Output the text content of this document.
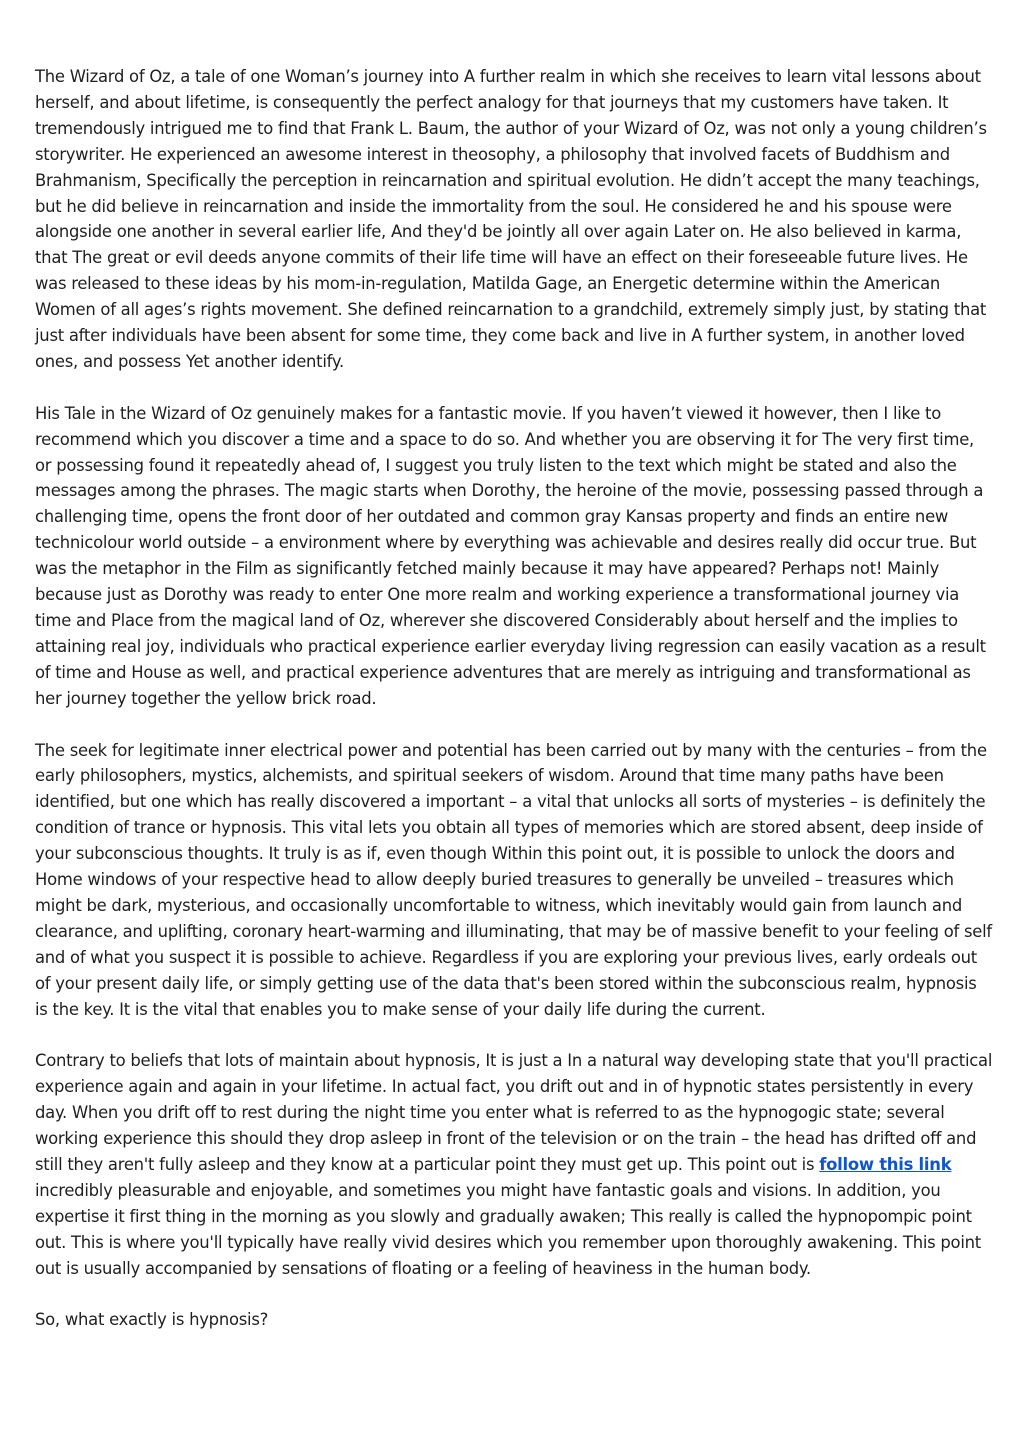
The Wizard of Oz, a tale of one Woman’s journey into A further realm in which she receives to learn vital lessons about herself, and about lifetime, is consequently the perfect analogy for that journeys that my customers have taken. It tremendously intrigued me to find that Frank L. Baum, the author of your Wizard of Oz, was not only a young children’s storywriter. He experienced an awesome interest in theosophy, a philosophy that involved facets of Buddhism and Brahmanism, Specifically the perception in reincarnation and spiritual evolution. He didn’t accept the many teachings, but he did believe in reincarnation and inside the immortality from the soul. He considered he and his spouse were alongside one another in several earlier life, And they'd be jointly all over again Later on. He also believed in karma, that The great or evil deeds anyone commits of their life time will have an effect on their foreseeable future lives. He was released to these ideas by his mom-in-regulation, Matilda Gage, an Energetic determine within the American Women of all ages’s rights movement. She defined reincarnation to a grandchild, extremely simply just, by stating that just after individuals have been absent for some time, they come back and live in A further system, in another loved ones, and possess Yet another identify.

His Tale in the Wizard of Oz genuinely makes for a fantastic movie. If you haven’t viewed it however, then I like to recommend which you discover a time and a space to do so. And whether you are observing it for The very first time, or possessing found it repeatedly ahead of, I suggest you truly listen to the text which might be stated and also the messages among the phrases. The magic starts when Dorothy, the heroine of the movie, possessing passed through a challenging time, opens the front door of her outdated and common gray Kansas property and finds an entire new technicolour world outside – a environment where by everything was achievable and desires really did occur true. But was the metaphor in the Film as significantly fetched mainly because it may have appeared? Perhaps not! Mainly because just as Dorothy was ready to enter One more realm and working experience a transformational journey via time and Place from the magical land of Oz, wherever she discovered Considerably about herself and the implies to attaining real joy, individuals who practical experience earlier everyday living regression can easily vacation as a result of time and House as well, and practical experience adventures that are merely as intriguing and transformational as her journey together the yellow brick road.

The seek for legitimate inner electrical power and potential has been carried out by many with the centuries – from the early philosophers, mystics, alchemists, and spiritual seekers of wisdom. Around that time many paths have been identified, but one which has really discovered a important – a vital that unlocks all sorts of mysteries – is definitely the condition of trance or hypnosis. This vital lets you obtain all types of memories which are stored absent, deep inside of your subconscious thoughts. It truly is as if, even though Within this point out, it is possible to unlock the doors and Home windows of your respective head to allow deeply buried treasures to generally be unveiled – treasures which might be dark, mysterious, and occasionally uncomfortable to witness, which inevitably would gain from launch and clearance, and uplifting, coronary heart-warming and illuminating, that may be of massive benefit to your feeling of self and of what you suspect it is possible to achieve. Regardless if you are exploring your previous lives, early ordeals out of your present daily life, or simply getting use of the data that's been stored within the subconscious realm, hypnosis is the key. It is the vital that enables you to make sense of your daily life during the current.

Contrary to beliefs that lots of maintain about hypnosis, It is just a In a natural way developing state that you'll practical experience again and again in your lifetime. In actual fact, you drift out and in of hypnotic states persistently in every day. When you drift off to rest during the night time you enter what is referred to as the hypnogogic state; several working experience this should they drop asleep in front of the television or on the train – the head has drifted off and still they aren't fully asleep and they know at a particular point they must get up. This point out is follow this link incredibly pleasurable and enjoyable, and sometimes you might have fantastic goals and visions. In addition, you expertise it first thing in the morning as you slowly and gradually awaken; This really is called the hypnopompic point out. This is where you'll typically have really vivid desires which you remember upon thoroughly awakening. This point out is usually accompanied by sensations of floating or a feeling of heaviness in the human body.

So, what exactly is hypnosis?
